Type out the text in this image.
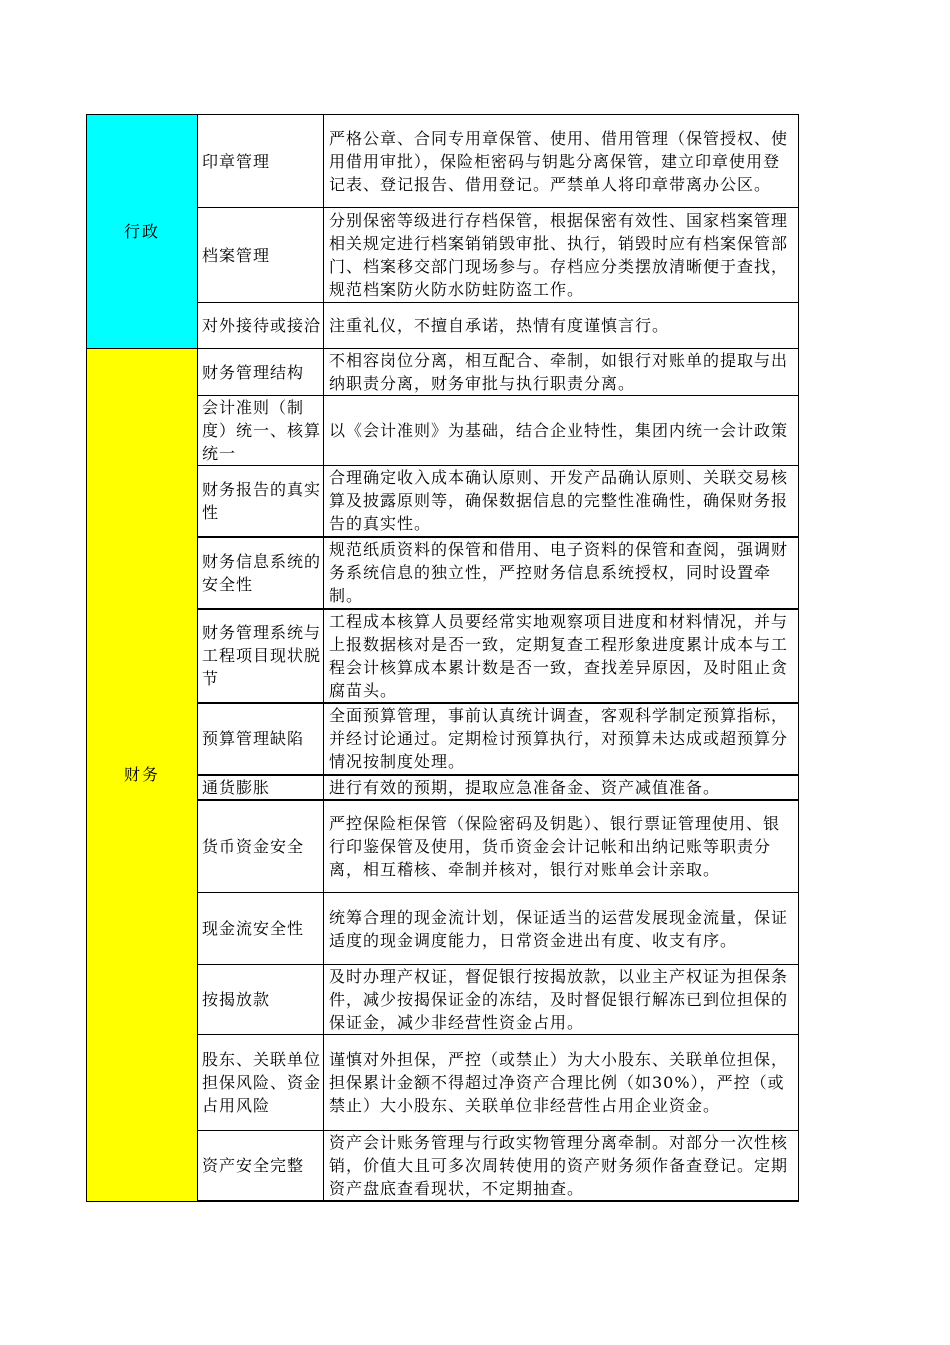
行政	印章管理	严格公章、合同专用章保管、使用、借用管理（保管授权、使用借用审批），保险柜密码与钥匙分离保管，建立印章使用登记表、登记报告、借用登记。严禁单人将印章带离办公区。
	档案管理	分别保密等级进行存档保管，根据保密有效性、国家档案管理相关规定进行档案销销毁审批、执行，销毁时应有档案保管部门、档案移交部门现场参与。存档应分类摆放清晰便于查找，规范档案防火防水防蛀防盗工作。
	对外接待或接洽	注重礼仪，不擅自承诺，热情有度谨慎言行。
财务	财务管理结构	不相容岗位分离，相互配合、牵制，如银行对账单的提取与出纳职责分离，财务审批与执行职责分离。
	会计准则（制度）统一、核算统一	以《会计准则》为基础，结合企业特性，集团内统一会计政策
	财务报告的真实性	合理确定收入成本确认原则、开发产品确认原则、关联交易核算及披露原则等，确保数据信息的完整性准确性，确保财务报告的真实性。
	财务信息系统的安全性	规范纸质资料的保管和借用、电子资料的保管和查阅，强调财务系统信息的独立性，严控财务信息系统授权，同时设置牵制。
	财务管理系统与工程项目现状脱节	工程成本核算人员要经常实地观察项目进度和材料情况，并与上报数据核对是否一致，定期复查工程形象进度累计成本与工程会计核算成本累计数是否一致，查找差异原因，及时阻止贪腐苗头。
	预算管理缺陷	全面预算管理，事前认真统计调查，客观科学制定预算指标，并经讨论通过。定期检讨预算执行，对预算未达成或超预算分情况按制度处理。
	通货膨胀	进行有效的预期，提取应急准备金、资产减值准备。
	货币资金安全	严控保险柜保管（保险密码及钥匙）、银行票证管理使用、银行印鉴保管及使用，货币资金会计记帐和出纳记账等职责分离，相互稽核、牵制并核对，银行对账单会计亲取。
	现金流安全性	统筹合理的现金流计划，保证适当的运营发展现金流量，保证适度的现金调度能力，日常资金进出有度、收支有序。
	按揭放款	及时办理产权证，督促银行按揭放款，以业主产权证为担保条件，减少按揭保证金的冻结，及时督促银行解冻已到位担保的保证金，减少非经营性资金占用。
	股东、关联单位担保风险、资金占用风险	谨慎对外担保，严控（或禁止）为大小股东、关联单位担保，担保累计金额不得超过净资产合理比例（如30%），严控（或禁止）大小股东、关联单位非经营性占用企业资金。
	资产安全完整	资产会计账务管理与行政实物管理分离牵制。对部分一次性核销，价值大且可多次周转使用的资产财务须作备查登记。定期资产盘底查看现状，不定期抽查。
